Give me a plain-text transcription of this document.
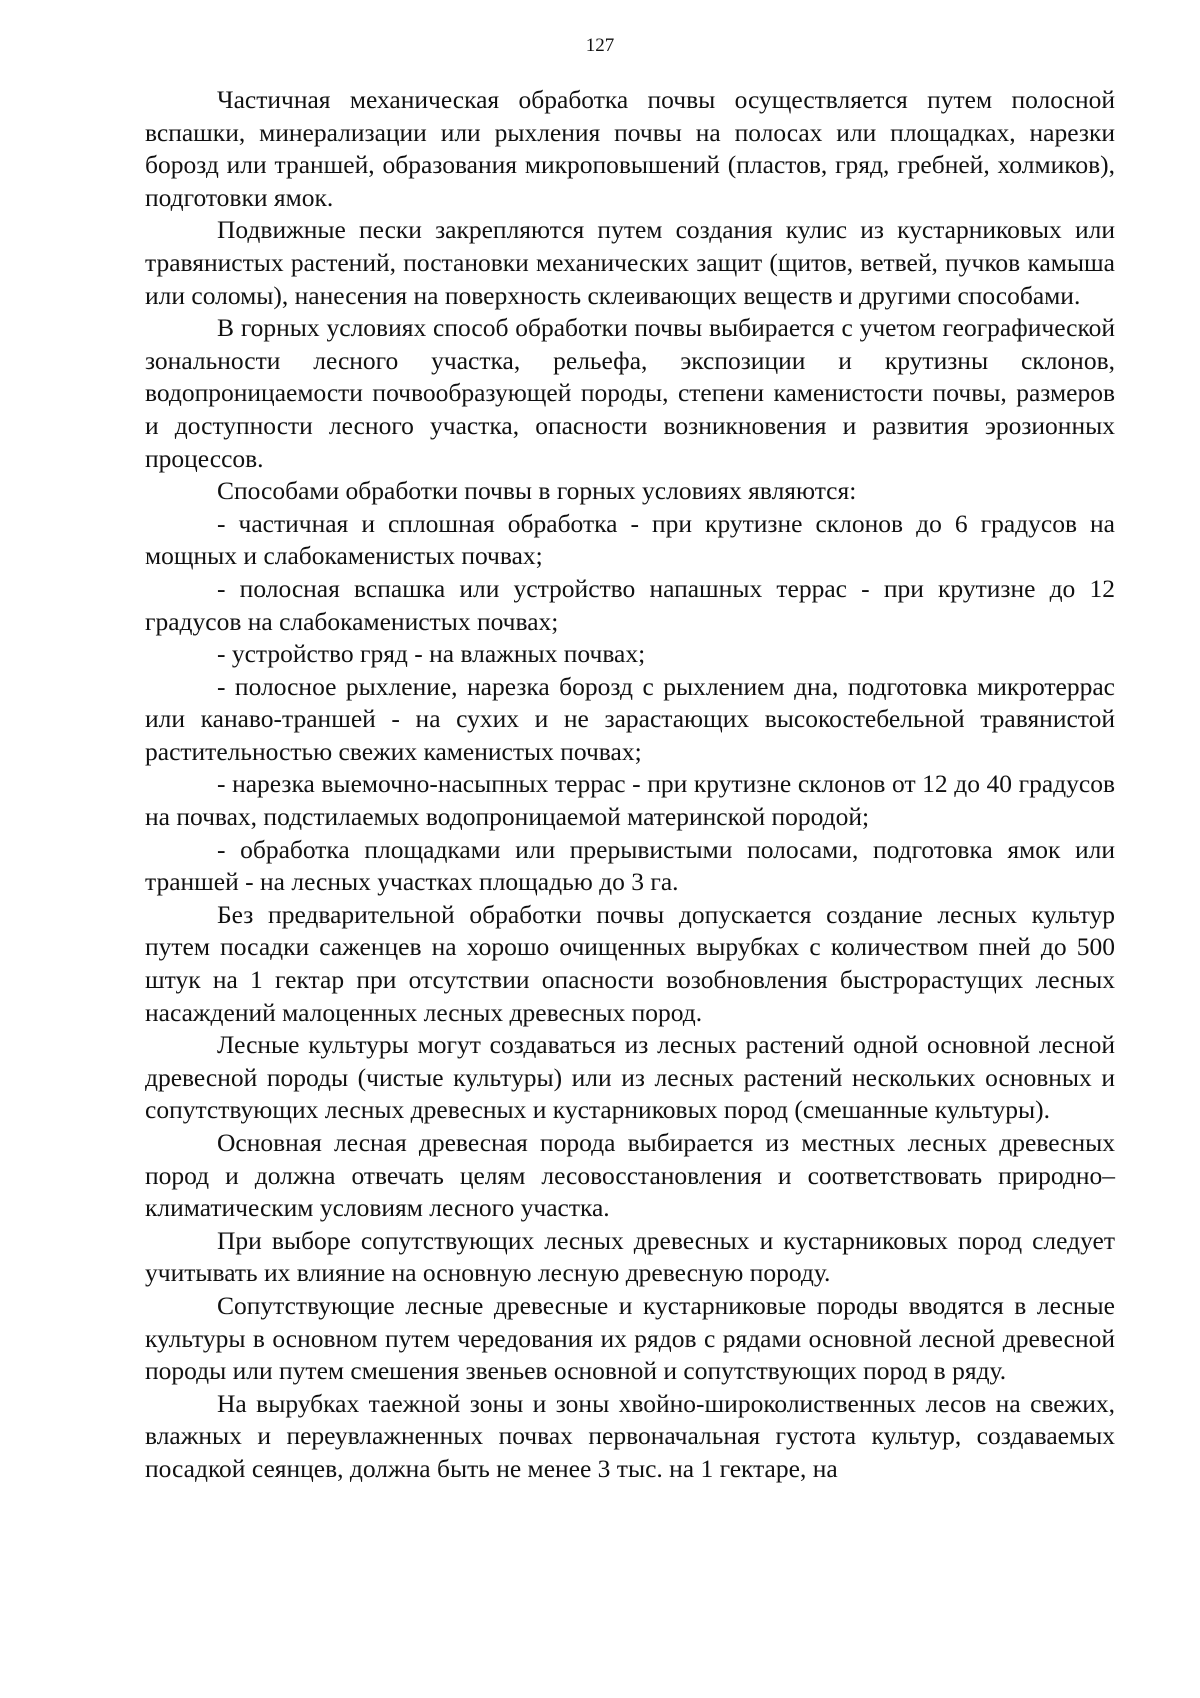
127

Частичная механическая обработка почвы осуществляется путем полосной вспашки, минерализации или рыхления почвы на полосах или площадках, нарезки борозд или траншей, образования микроповышений (пластов, гряд, гребней, холмиков), подготовки ямок.

Подвижные пески закрепляются путем создания кулис из кустарниковых или травянистых растений, постановки механических защит (щитов, ветвей, пучков камыша или соломы), нанесения на поверхность склеивающих веществ и другими способами.

В горных условиях способ обработки почвы выбирается с учетом географической зональности лесного участка, рельефа, экспозиции и крутизны склонов, водопроницаемости почвообразующей породы, степени каменистости почвы, размеров и доступности лесного участка, опасности возникновения и развития эрозионных процессов.

Способами обработки почвы в горных условиях являются:

- частичная и сплошная обработка - при крутизне склонов до 6 градусов на мощных и слабокаменистых почвах;

- полосная вспашка или устройство напашных террас - при крутизне до 12 градусов на слабокаменистых почвах;

- устройство гряд - на влажных почвах;

- полосное рыхление, нарезка борозд с рыхлением дна, подготовка микротеррас или канаво-траншей - на сухих и не зарастающих высокостебельной травянистой растительностью свежих каменистых почвах;

- нарезка выемочно-насыпных террас - при крутизне склонов от 12 до 40 градусов на почвах, подстилаемых водопроницаемой материнской породой;

- обработка площадками или прерывистыми полосами, подготовка ямок или траншей - на лесных участках площадью до 3 га.

Без предварительной обработки почвы допускается создание лесных культур путем посадки саженцев на хорошо очищенных вырубках с количеством пней до 500 штук на 1 гектар при отсутствии опасности возобновления быстрорастущих лесных насаждений малоценных лесных древесных пород.

Лесные культуры могут создаваться из лесных растений одной основной лесной древесной породы (чистые культуры) или из лесных растений нескольких основных и сопутствующих лесных древесных и кустарниковых пород (смешанные культуры).

Основная лесная древесная порода выбирается из местных лесных древесных пород и должна отвечать целям лесовосстановления и соответствовать природно–климатическим условиям лесного участка.

При выборе сопутствующих лесных древесных и кустарниковых пород следует учитывать их влияние на основную лесную древесную породу.

Сопутствующие лесные древесные и кустарниковые породы вводятся в лесные культуры в основном путем чередования их рядов с рядами основной лесной древесной породы или путем смешения звеньев основной и сопутствующих пород в ряду.

На вырубках таежной зоны и зоны хвойно-широколиственных лесов на свежих, влажных и переувлажненных почвах первоначальная густота культур, создаваемых посадкой сеянцев, должна быть не менее 3 тыс. на 1 гектаре, на
